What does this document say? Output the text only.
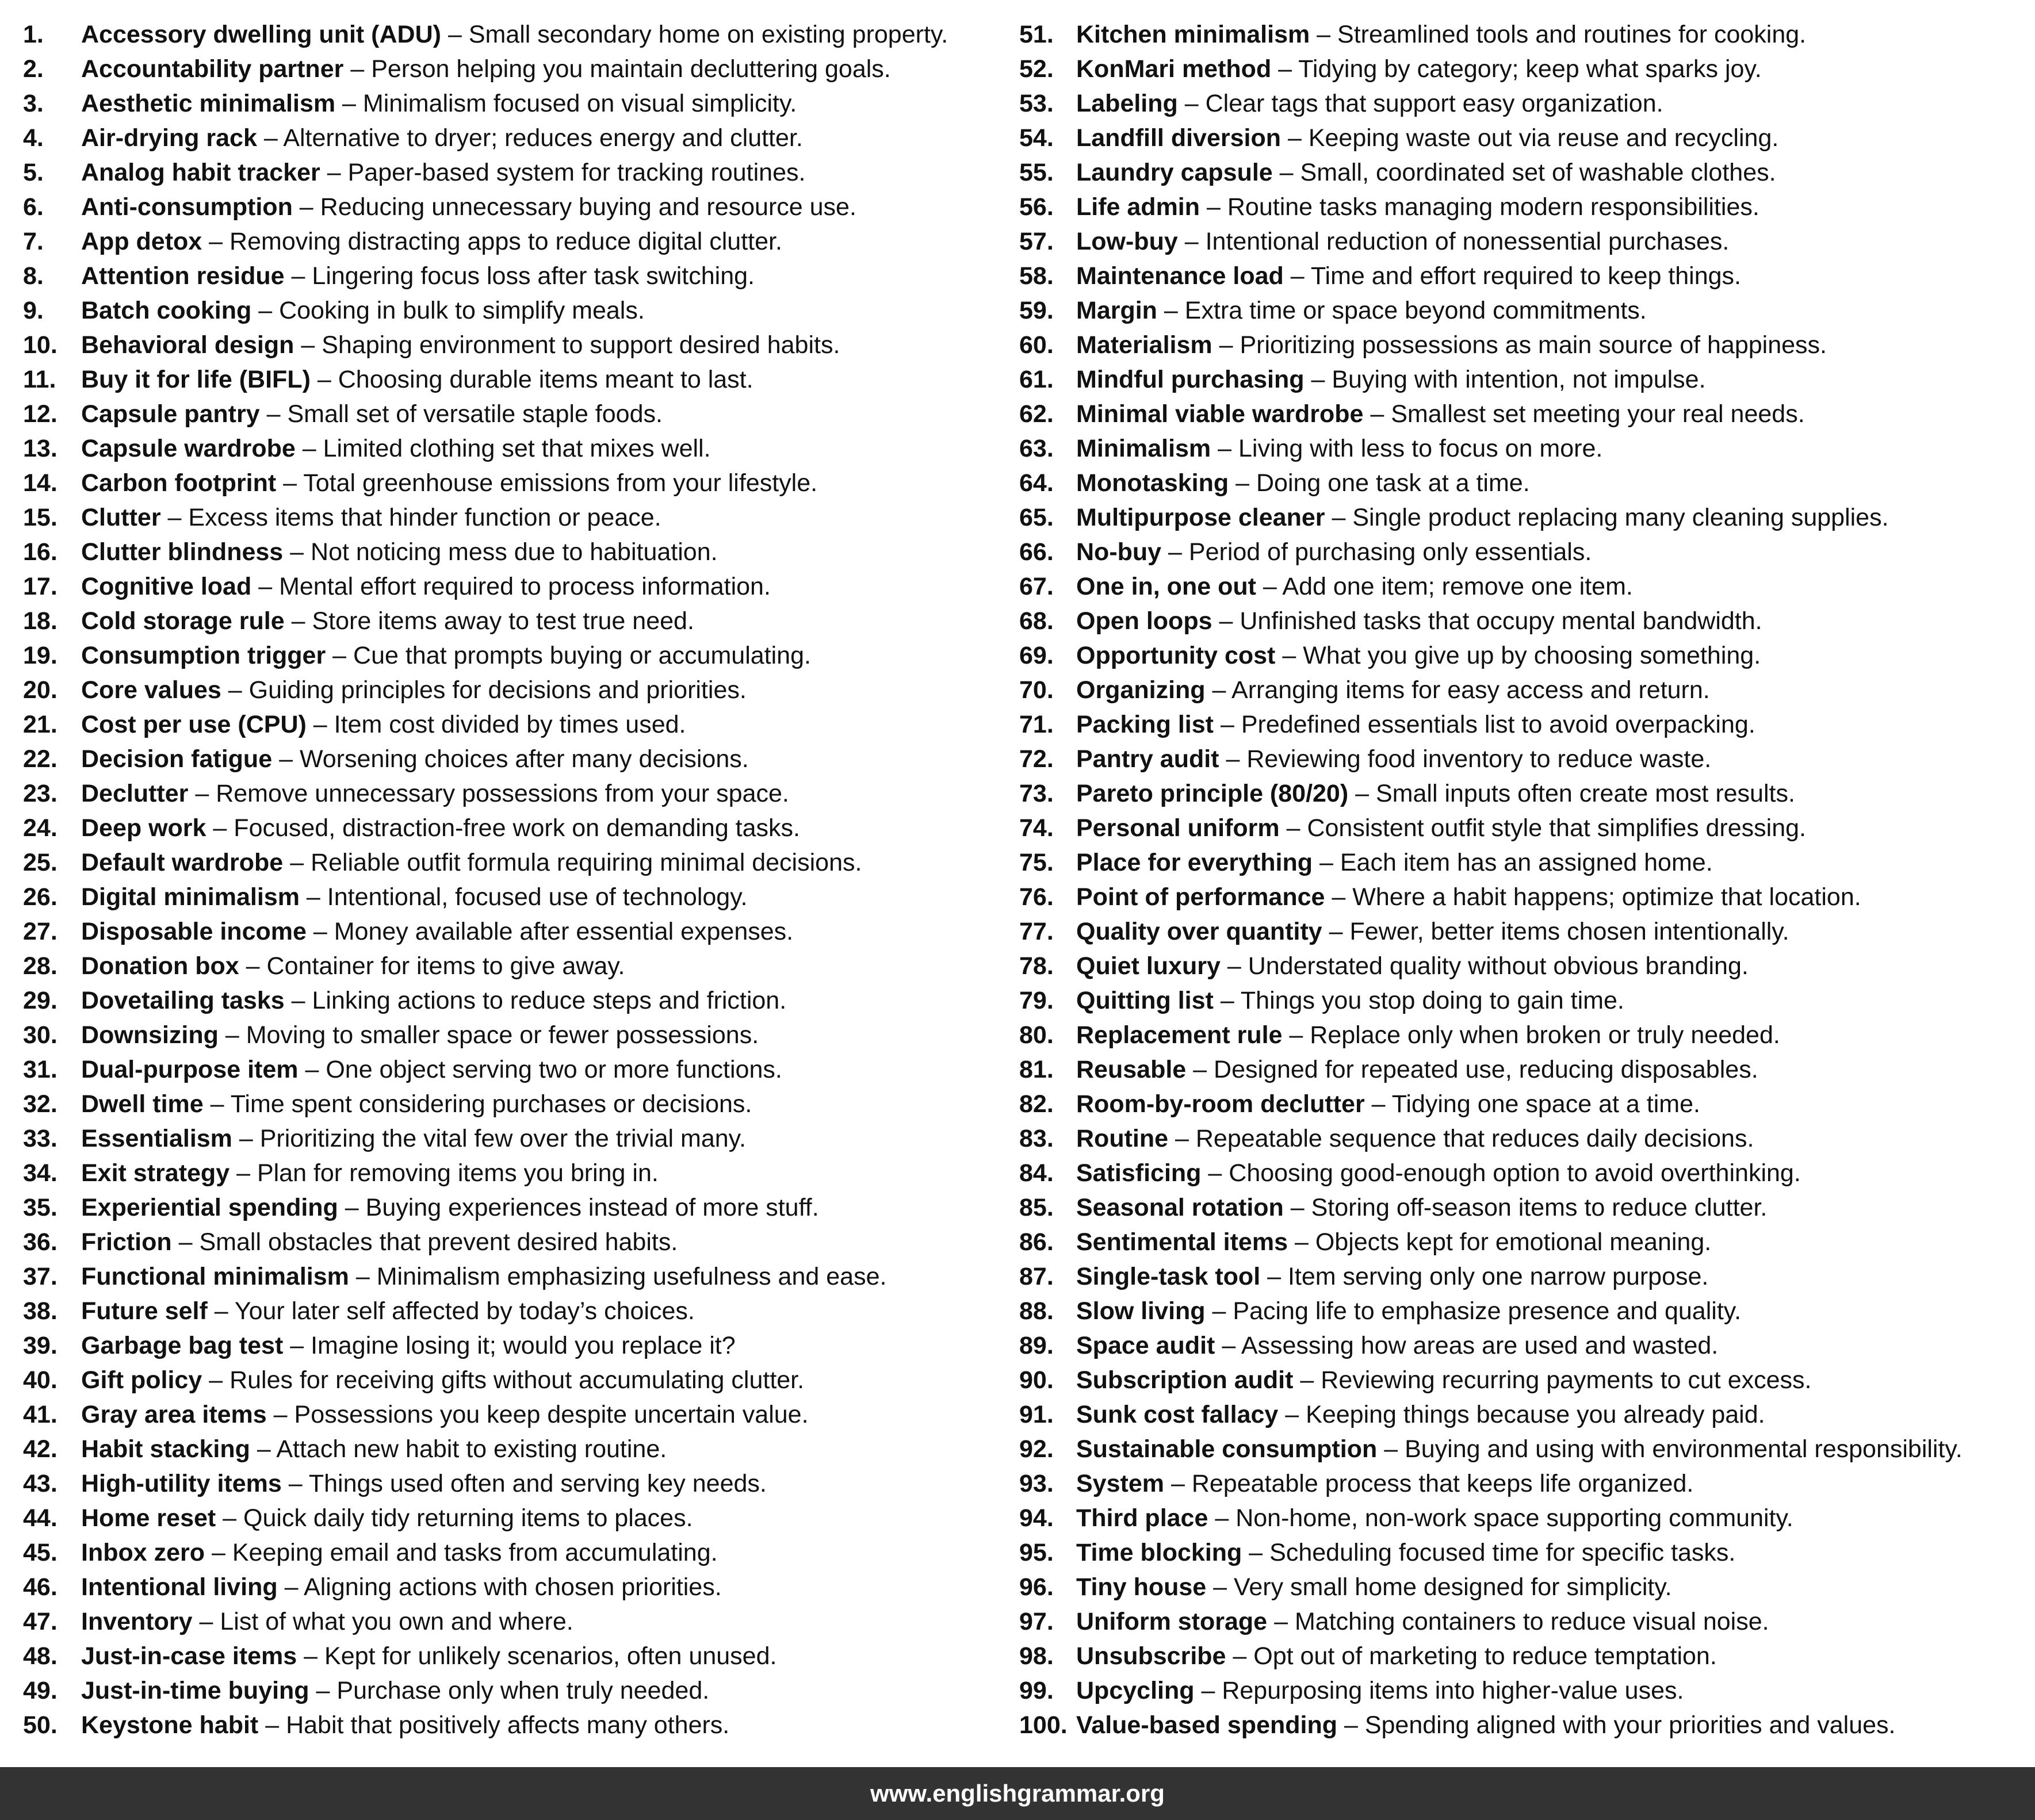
1.	Accessory dwelling unit (ADU) – Small secondary home on existing property.
2.	Accountability partner – Person helping you maintain decluttering goals.
3.	Aesthetic minimalism – Minimalism focused on visual simplicity.
4.	Air-drying rack – Alternative to dryer; reduces energy and clutter.
5.	Analog habit tracker – Paper-based system for tracking routines.
6.	Anti-consumption – Reducing unnecessary buying and resource use.
7.	App detox – Removing distracting apps to reduce digital clutter.
8.	Attention residue – Lingering focus loss after task switching.
9.	Batch cooking – Cooking in bulk to simplify meals.
10. Behavioral design – Shaping environment to support desired habits.
11.	Buy it for life (BIFL) – Choosing durable items meant to last.
12. Capsule pantry – Small set of versatile staple foods.
13. Capsule wardrobe – Limited clothing set that mixes well.
14. Carbon footprint – Total greenhouse emissions from your lifestyle.
15. Clutter – Excess items that hinder function or peace.
16. Clutter blindness – Not noticing mess due to habituation.
17. Cognitive load – Mental effort required to process information.
18. Cold storage rule – Store items away to test true need.
19. Consumption trigger – Cue that prompts buying or accumulating.
20. Core values – Guiding principles for decisions and priorities.
21. Cost per use (CPU) – Item cost divided by times used.
22. Decision fatigue – Worsening choices after many decisions.
23. Declutter – Remove unnecessary possessions from your space.
24. Deep work – Focused, distraction-free work on demanding tasks.
25. Default wardrobe – Reliable outfit formula requiring minimal decisions.
26. Digital minimalism – Intentional, focused use of technology.
27. Disposable income – Money available after essential expenses.
28. Donation box – Container for items to give away.
29. Dovetailing tasks – Linking actions to reduce steps and friction.
30. Downsizing – Moving to smaller space or fewer possessions.
31. Dual-purpose item – One object serving two or more functions.
32. Dwell time – Time spent considering purchases or decisions.
33. Essentialism – Prioritizing the vital few over the trivial many.
34. Exit strategy – Plan for removing items you bring in.
35. Experiential spending – Buying experiences instead of more stuff.
36. Friction – Small obstacles that prevent desired habits.
37. Functional minimalism – Minimalism emphasizing usefulness and ease.
38. Future self – Your later self affected by today’s choices.
39. Garbage bag test – Imagine losing it; would you replace it?
40. Gift policy – Rules for receiving gifts without accumulating clutter.
41. Gray area items – Possessions you keep despite uncertain value.
42. Habit stacking – Attach new habit to existing routine.
43. High-utility items – Things used often and serving key needs.
44. Home reset – Quick daily tidy returning items to places.
45. Inbox zero – Keeping email and tasks from accumulating.
46. Intentional living – Aligning actions with chosen priorities.
47. Inventory – List of what you own and where.
48. Just-in-case items – Kept for unlikely scenarios, often unused.
49. Just-in-time buying – Purchase only when truly needed.
50. Keystone habit – Habit that positively affects many others.
51. Kitchen minimalism – Streamlined tools and routines for cooking.
52. KonMari method – Tidying by category; keep what sparks joy.
53. Labeling – Clear tags that support easy organization.
54. Landfill diversion – Keeping waste out via reuse and recycling.
55. Laundry capsule – Small, coordinated set of washable clothes.
56. Life admin – Routine tasks managing modern responsibilities.
57. Low-buy – Intentional reduction of nonessential purchases.
58. Maintenance load – Time and effort required to keep things.
59. Margin – Extra time or space beyond commitments.
60. Materialism – Prioritizing possessions as main source of happiness.
61. Mindful purchasing – Buying with intention, not impulse.
62. Minimal viable wardrobe – Smallest set meeting your real needs.
63. Minimalism – Living with less to focus on more.
64. Monotasking – Doing one task at a time.
65. Multipurpose cleaner – Single product replacing many cleaning supplies.
66. No-buy – Period of purchasing only essentials.
67. One in, one out – Add one item; remove one item.
68. Open loops – Unfinished tasks that occupy mental bandwidth.
69. Opportunity cost – What you give up by choosing something.
70. Organizing – Arranging items for easy access and return.
71. Packing list – Predefined essentials list to avoid overpacking.
72. Pantry audit – Reviewing food inventory to reduce waste.
73. Pareto principle (80/20) – Small inputs often create most results.
74. Personal uniform – Consistent outfit style that simplifies dressing.
75. Place for everything – Each item has an assigned home.
76. Point of performance – Where a habit happens; optimize that location.
77. Quality over quantity – Fewer, better items chosen intentionally.
78. Quiet luxury – Understated quality without obvious branding.
79. Quitting list – Things you stop doing to gain time.
80. Replacement rule – Replace only when broken or truly needed.
81. Reusable – Designed for repeated use, reducing disposables.
82. Room-by-room declutter – Tidying one space at a time.
83. Routine – Repeatable sequence that reduces daily decisions.
84. Satisficing – Choosing good-enough option to avoid overthinking.
85. Seasonal rotation – Storing off-season items to reduce clutter.
86. Sentimental items – Objects kept for emotional meaning.
87. Single-task tool – Item serving only one narrow purpose.
88. Slow living – Pacing life to emphasize presence and quality.
89. Space audit – Assessing how areas are used and wasted.
90. Subscription audit – Reviewing recurring payments to cut excess.
91. Sunk cost fallacy – Keeping things because you already paid.
92. Sustainable consumption – Buying and using with environmental responsibility.
93. System – Repeatable process that keeps life organized.
94. Third place – Non-home, non-work space supporting community.
95. Time blocking – Scheduling focused time for specific tasks.
96. Tiny house – Very small home designed for simplicity.
97. Uniform storage – Matching containers to reduce visual noise.
98. Unsubscribe – Opt out of marketing to reduce temptation.
99. Upcycling – Repurposing items into higher-value uses.
100. Value-based spending – Spending aligned with your priorities and values.
www.englishgrammar.org
